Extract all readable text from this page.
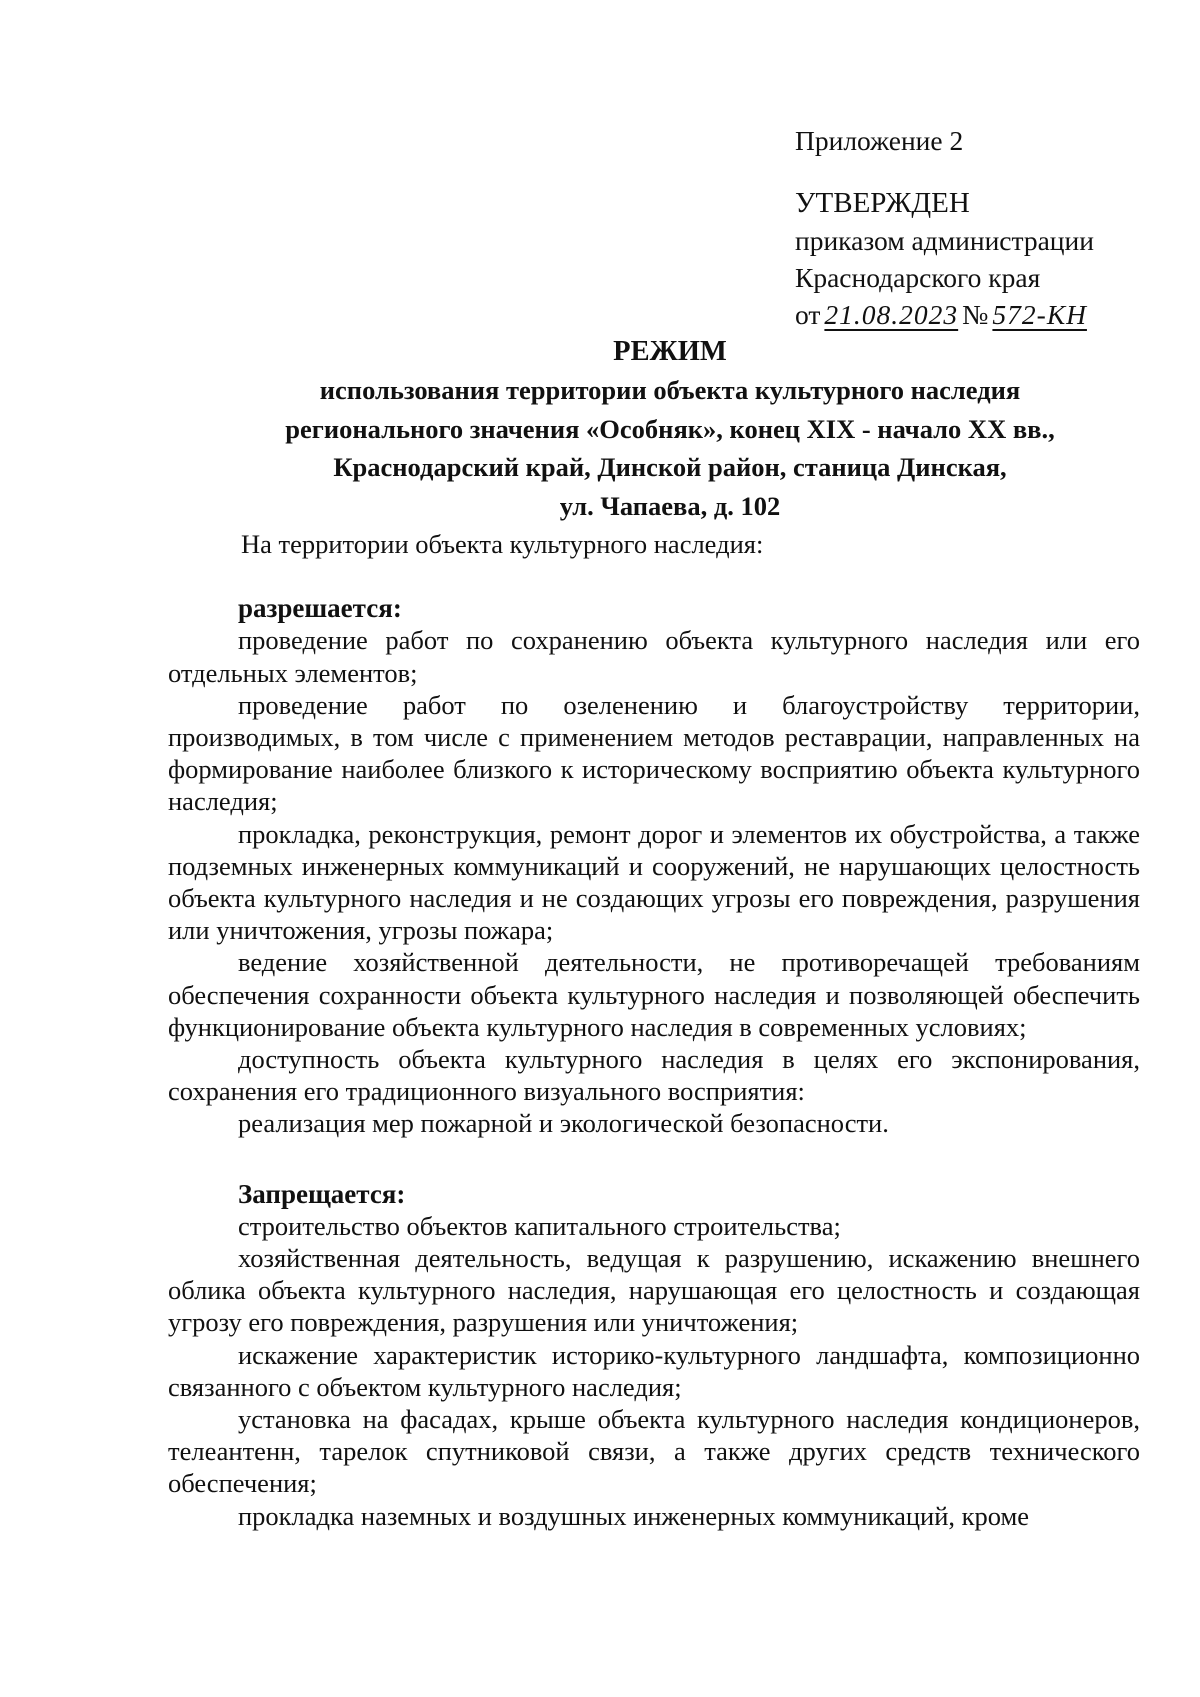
Приложение 2
УТВЕРЖДЕН
приказом администрации
Краснодарского края
от 21.08.2023 № 572-КН
РЕЖИМ
использования территории объекта культурного наследия
регионального значения «Особняк», конец XIX - начало XX вв.,
Краснодарский край, Динской район, станица Динская,
ул. Чапаева, д. 102
На территории объекта культурного наследия:
разрешается:
проведение работ по сохранению объекта культурного наследия или его отдельных элементов;
проведение работ по озеленению и благоустройству территории, производимых, в том числе с применением методов реставрации, направленных на формирование наиболее близкого к историческому восприятию объекта культурного наследия;
прокладка, реконструкция, ремонт дорог и элементов их обустройства, а также подземных инженерных коммуникаций и сооружений, не нарушающих целостность объекта культурного наследия и не создающих угрозы его повреждения, разрушения или уничтожения, угрозы пожара;
ведение хозяйственной деятельности, не противоречащей требованиям обеспечения сохранности объекта культурного наследия и позволяющей обеспечить функционирование объекта культурного наследия в современных условиях;
доступность объекта культурного наследия в целях его экспонирования, сохранения его традиционного визуального восприятия:
реализация мер пожарной и экологической безопасности.
Запрещается:
строительство объектов капитального строительства;
хозяйственная деятельность, ведущая к разрушению, искажению внешнего облика объекта культурного наследия, нарушающая его целостность и создающая угрозу его повреждения, разрушения или уничтожения;
искажение характеристик историко-культурного ландшафта, композиционно связанного с объектом культурного наследия;
установка на фасадах, крыше объекта культурного наследия кондиционеров, телеантенн, тарелок спутниковой связи, а также других средств технического обеспечения;
прокладка наземных и воздушных инженерных коммуникаций, кроме
